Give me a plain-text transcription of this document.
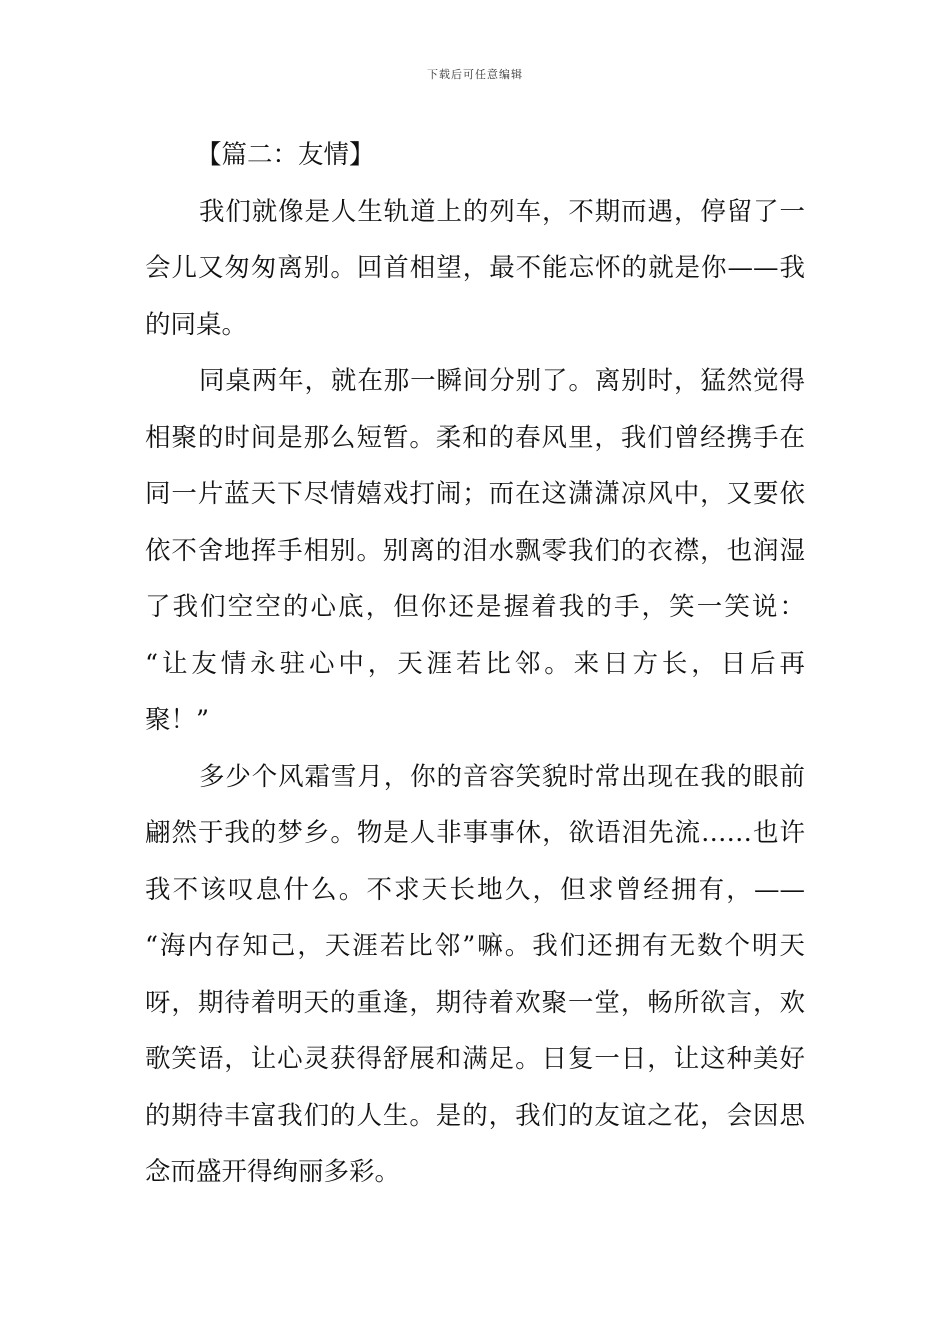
下载后可任意编辑

【篇二：友情】

我们就像是人生轨道上的列车，不期而遇，停留了一

会儿又匆匆离别。回首相望，最不能忘怀的就是你——我

的同桌。

同桌两年，就在那一瞬间分别了。离别时，猛然觉得

相聚的时间是那么短暂。柔和的春风里，我们曾经携手在

同一片蓝天下尽情嬉戏打闹；而在这潇潇凉风中，又要依

依不舍地挥手相别。别离的泪水飘零我们的衣襟，也润湿

了我们空空的心底，但你还是握着我的手，笑一笑说：

“让友情永驻心中，天涯若比邻。来日方长，日后再

聚！”

多少个风霜雪月，你的音容笑貌时常出现在我的眼前

翩然于我的梦乡。物是人非事事休，欲语泪先流……也许

我不该叹息什么。不求天长地久，但求曾经拥有，——

“海内存知己，天涯若比邻”嘛。我们还拥有无数个明天

呀，期待着明天的重逢，期待着欢聚一堂，畅所欲言，欢

歌笑语，让心灵获得舒展和满足。日复一日，让这种美好

的期待丰富我们的人生。是的，我们的友谊之花，会因思

念而盛开得绚丽多彩。
